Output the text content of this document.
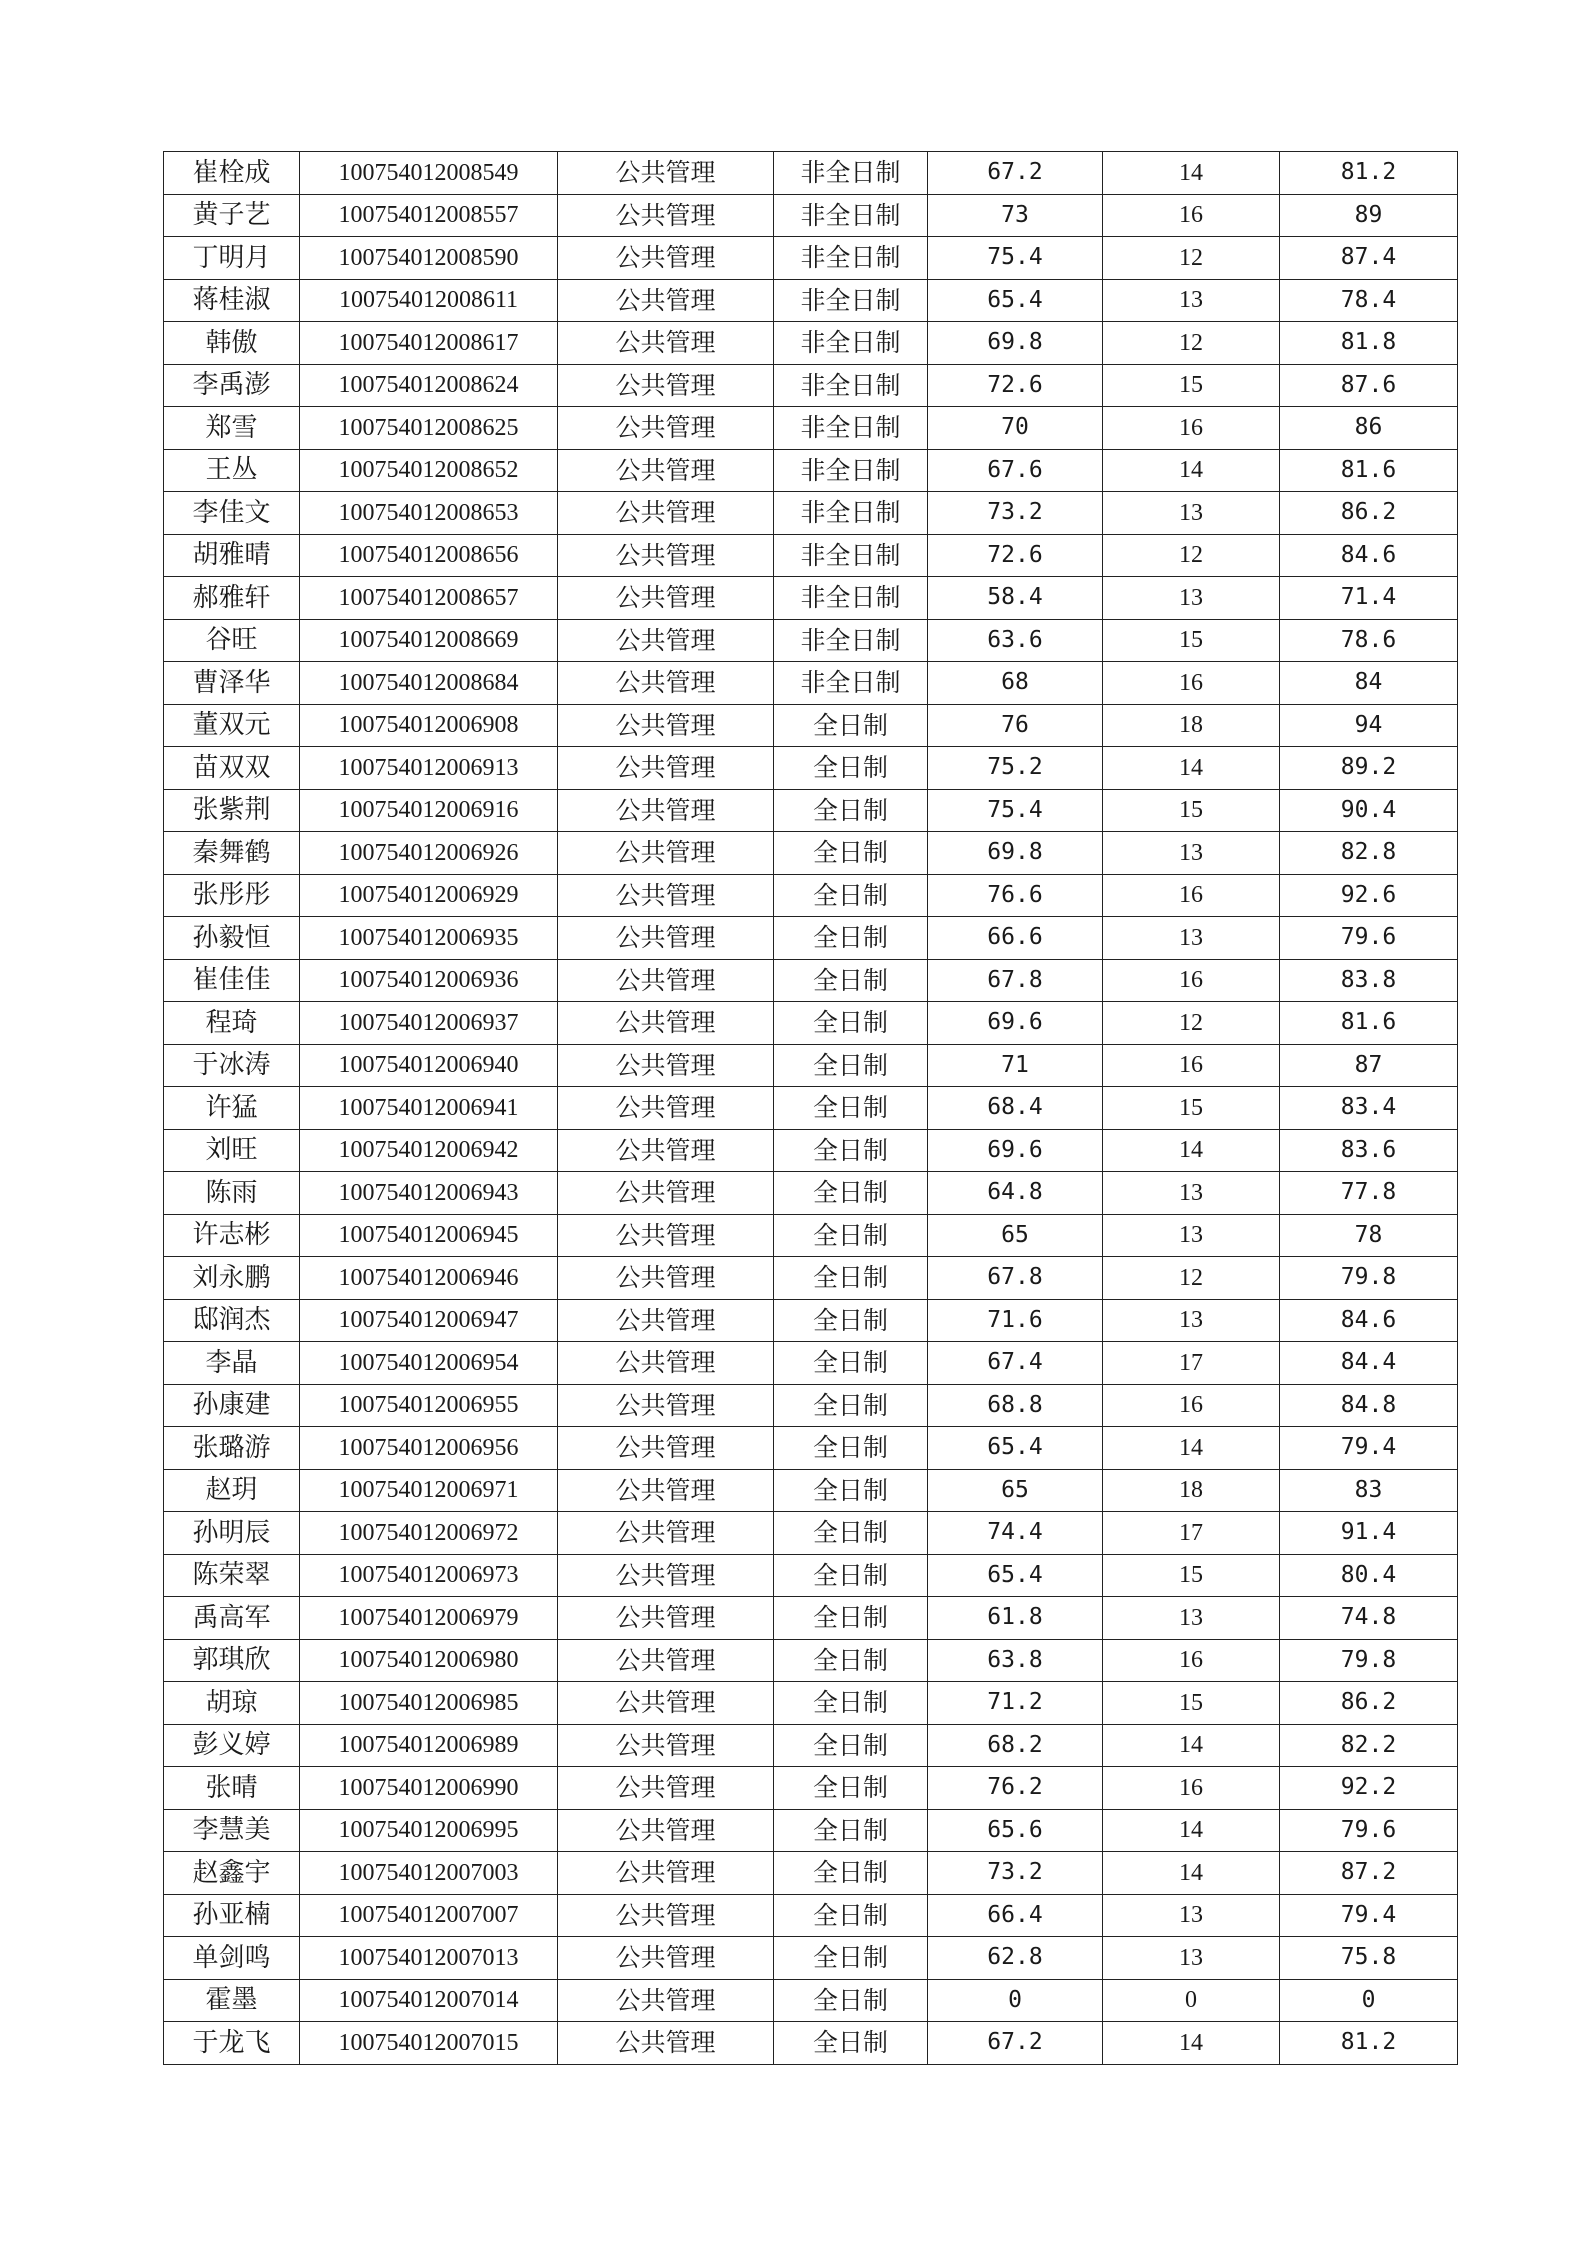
崔栓成	100754012008549	公共管理	非全日制	67.2	14	81.2
黄子艺	100754012008557	公共管理	非全日制	73	16	89
丁明月	100754012008590	公共管理	非全日制	75.4	12	87.4
蒋桂淑	100754012008611	公共管理	非全日制	65.4	13	78.4
韩傲	100754012008617	公共管理	非全日制	69.8	12	81.8
李禹澎	100754012008624	公共管理	非全日制	72.6	15	87.6
郑雪	100754012008625	公共管理	非全日制	70	16	86
王丛	100754012008652	公共管理	非全日制	67.6	14	81.6
李佳文	100754012008653	公共管理	非全日制	73.2	13	86.2
胡雅晴	100754012008656	公共管理	非全日制	72.6	12	84.6
郝雅轩	100754012008657	公共管理	非全日制	58.4	13	71.4
谷旺	100754012008669	公共管理	非全日制	63.6	15	78.6
曹泽华	100754012008684	公共管理	非全日制	68	16	84
董双元	100754012006908	公共管理	全日制	76	18	94
苗双双	100754012006913	公共管理	全日制	75.2	14	89.2
张紫荆	100754012006916	公共管理	全日制	75.4	15	90.4
秦舞鹤	100754012006926	公共管理	全日制	69.8	13	82.8
张彤彤	100754012006929	公共管理	全日制	76.6	16	92.6
孙毅恒	100754012006935	公共管理	全日制	66.6	13	79.6
崔佳佳	100754012006936	公共管理	全日制	67.8	16	83.8
程琦	100754012006937	公共管理	全日制	69.6	12	81.6
于冰涛	100754012006940	公共管理	全日制	71	16	87
许猛	100754012006941	公共管理	全日制	68.4	15	83.4
刘旺	100754012006942	公共管理	全日制	69.6	14	83.6
陈雨	100754012006943	公共管理	全日制	64.8	13	77.8
许志彬	100754012006945	公共管理	全日制	65	13	78
刘永鹏	100754012006946	公共管理	全日制	67.8	12	79.8
邸润杰	100754012006947	公共管理	全日制	71.6	13	84.6
李晶	100754012006954	公共管理	全日制	67.4	17	84.4
孙康建	100754012006955	公共管理	全日制	68.8	16	84.8
张璐游	100754012006956	公共管理	全日制	65.4	14	79.4
赵玥	100754012006971	公共管理	全日制	65	18	83
孙明辰	100754012006972	公共管理	全日制	74.4	17	91.4
陈荣翠	100754012006973	公共管理	全日制	65.4	15	80.4
禹高军	100754012006979	公共管理	全日制	61.8	13	74.8
郭琪欣	100754012006980	公共管理	全日制	63.8	16	79.8
胡琼	100754012006985	公共管理	全日制	71.2	15	86.2
彭义婷	100754012006989	公共管理	全日制	68.2	14	82.2
张晴	100754012006990	公共管理	全日制	76.2	16	92.2
李慧美	100754012006995	公共管理	全日制	65.6	14	79.6
赵鑫宇	100754012007003	公共管理	全日制	73.2	14	87.2
孙亚楠	100754012007007	公共管理	全日制	66.4	13	79.4
单剑鸣	100754012007013	公共管理	全日制	62.8	13	75.8
霍墨	100754012007014	公共管理	全日制	0	0	0
于龙飞	100754012007015	公共管理	全日制	67.2	14	81.2
